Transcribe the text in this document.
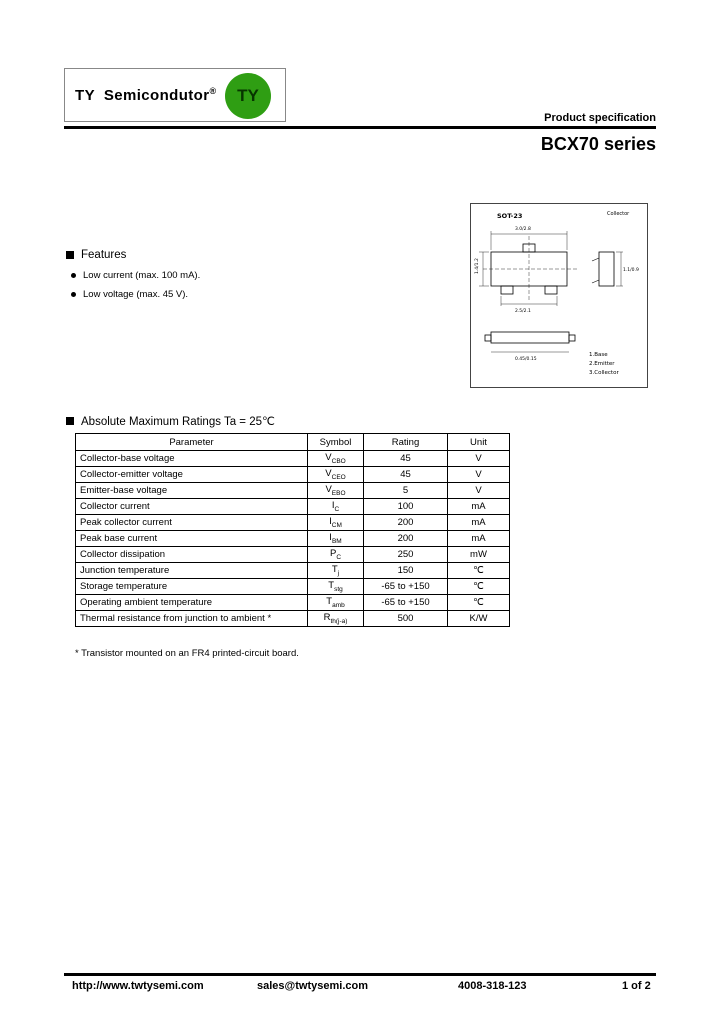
TY  Semicondutor® TY
Product specification
BCX70 series
SOT-23	Collector
3.0/2.8
1.4/1.2
2.5/2.1
1.1/0.9
0.45/0.15
1.Base
2.Emitter
3.Collector
Features
Low current (max. 100 mA).
Low voltage (max. 45 V).
Absolute Maximum Ratings Ta = 25℃
Parameter	Symbol	Rating	Unit
Collector-base voltage	$V_{CBO}$	45	V
Collector-emitter voltage	$V_{CEO}$	45	V
Emitter-base voltage	$V_{EBO}$	5	V
Collector current	$I_C$	100	mA
Peak collector current	$I_{CM}$	200	mA
Peak base current	$I_{BM}$	200	mA
Collector dissipation	$P_C$	250	mW
Junction temperature	$T_j$	150	℃
Storage temperature	$T_{stg}$	-65 to +150	℃
Operating ambient temperature	$T_{amb}$	-65 to +150	℃
Thermal resistance from junction to ambient *	$R_{th(j-a)}$	500	K/W
* Transistor mounted on an FR4 printed-circuit board.
http://www.twtysemi.com	sales@twtysemi.com	4008-318-123	1 of 2
